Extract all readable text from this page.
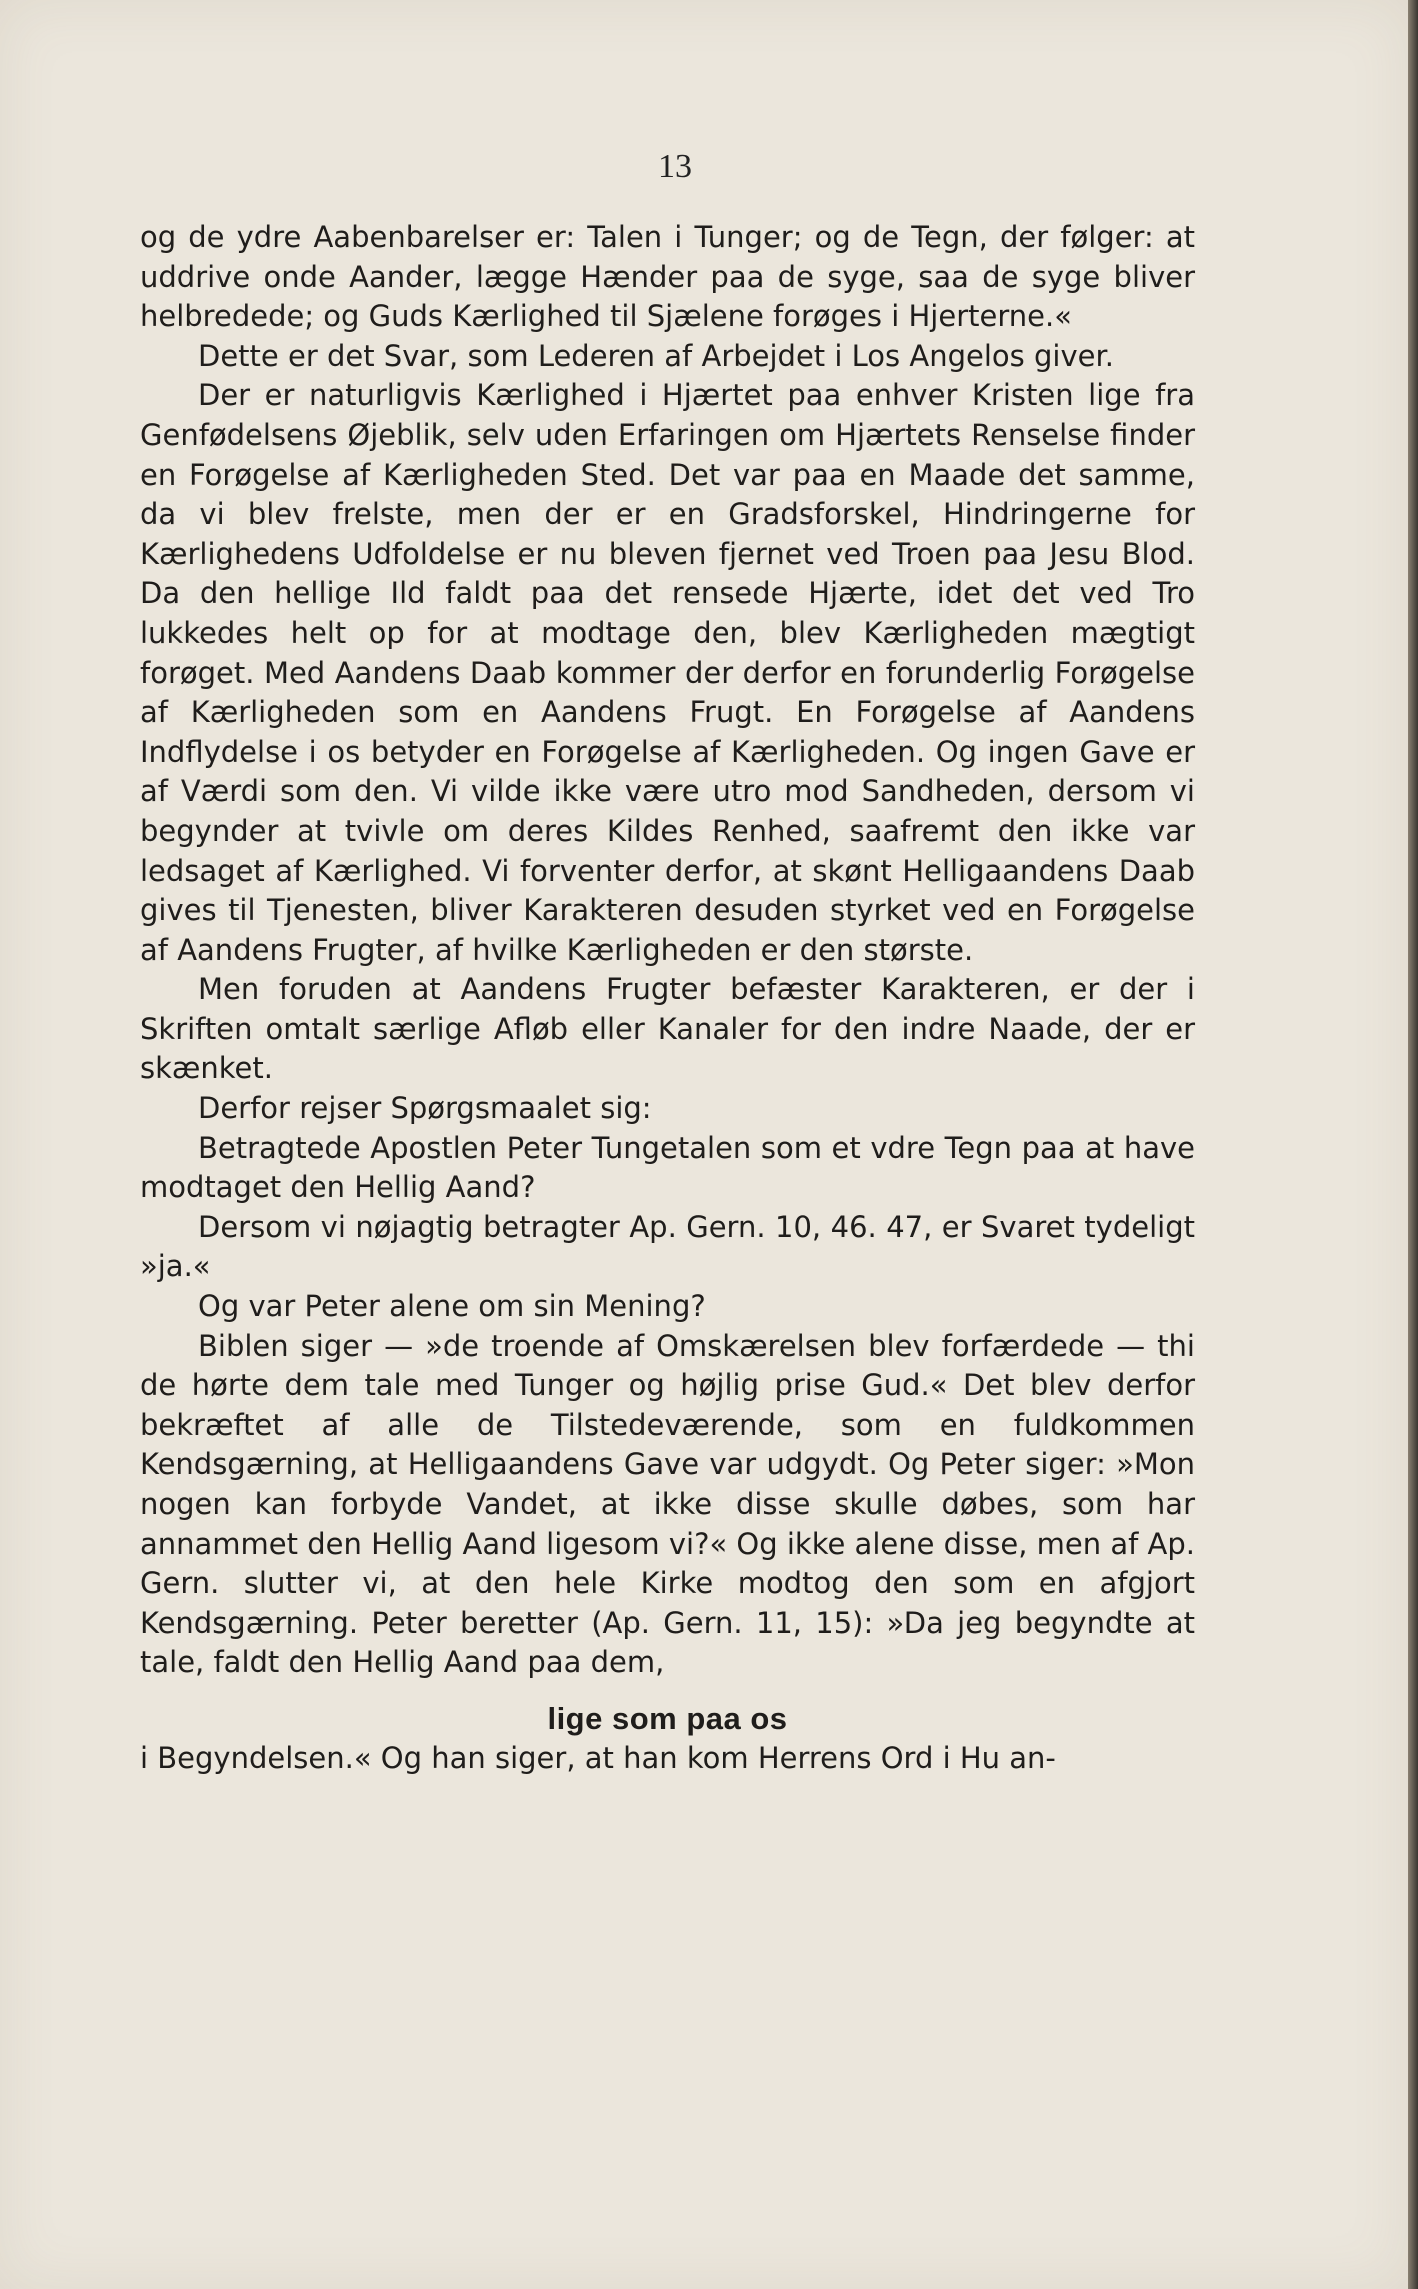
13

og de ydre Aabenbarelser er: Talen i Tunger; og de Tegn, der følger: at uddrive onde Aander, lægge Hænder paa de syge, saa de syge bliver helbredede; og Guds Kærlighed til Sjælene forøges i Hjerterne.«

Dette er det Svar, som Lederen af Arbejdet i Los Angelos giver.

Der er naturligvis Kærlighed i Hjærtet paa enhver Kristen lige fra Genfødelsens Øjeblik, selv uden Erfaringen om Hjærtets Renselse finder en Forøgelse af Kærligheden Sted. Det var paa en Maade det samme, da vi blev frelste, men der er en Gradsforskel, Hindringerne for Kærlighedens Udfoldelse er nu bleven fjernet ved Troen paa Jesu Blod. Da den hellige Ild faldt paa det rensede Hjærte, idet det ved Tro lukkedes helt op for at modtage den, blev Kærligheden mægtigt forøget. Med Aandens Daab kommer der derfor en forunderlig Forøgelse af Kærligheden som en Aandens Frugt. En Forøgelse af Aandens Indflydelse i os betyder en Forøgelse af Kærligheden. Og ingen Gave er af Værdi som den. Vi vilde ikke være utro mod Sandheden, dersom vi begynder at tvivle om deres Kildes Renhed, saafremt den ikke var ledsaget af Kærlighed. Vi forventer derfor, at skønt Helligaandens Daab gives til Tjenesten, bliver Karakteren desuden styrket ved en Forøgelse af Aandens Frugter, af hvilke Kærligheden er den største.

Men foruden at Aandens Frugter befæster Karakteren, er der i Skriften omtalt særlige Afløb eller Kanaler for den indre Naade, der er skænket.

Derfor rejser Spørgsmaalet sig:

Betragtede Apostlen Peter Tungetalen som et vdre Tegn paa at have modtaget den Hellig Aand?

Dersom vi nøjagtig betragter Ap. Gern. 10, 46. 47, er Svaret tydeligt »ja.«

Og var Peter alene om sin Mening?

Biblen siger — »de troende af Omskærelsen blev forfærdede — thi de hørte dem tale med Tunger og højlig prise Gud.« Det blev derfor bekræftet af alle de Tilstedeværende, som en fuldkommen Kendsgærning, at Helligaandens Gave var udgydt. Og Peter siger: »Mon nogen kan forbyde Vandet, at ikke disse skulle døbes, som har annammet den Hellig Aand ligesom vi?« Og ikke alene disse, men af Ap. Gern. slutter vi, at den hele Kirke modtog den som en afgjort Kendsgærning. Peter beretter (Ap. Gern. 11, 15): »Da jeg begyndte at tale, faldt den Hellig Aand paa dem,

lige som paa os

i Begyndelsen.« Og han siger, at han kom Herrens Ord i Hu an-
